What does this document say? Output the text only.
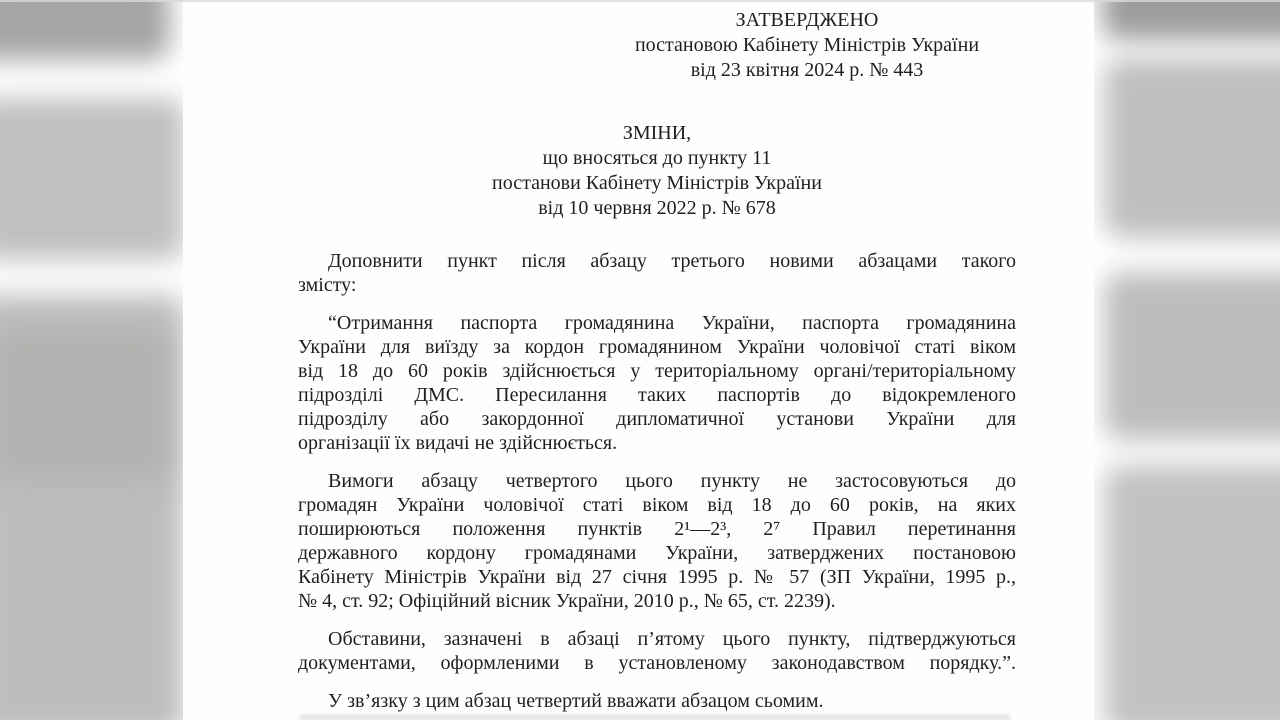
ЗАТВЕРДЖЕНО
постановою Кабінету Міністрів України
від 23 квітня 2024 р. № 443
ЗМІНИ,
що вносяться до пункту 11
постанови Кабінету Міністрів України
від 10 червня 2022 р. № 678

Доповнити пункт після абзацу третього новими абзацами такого
змісту:

“Отримання паспорта громадянина України, паспорта громадянина
України для виїзду за кордон громадянином України чоловічої статі віком
від 18 до 60 років здійснюється у територіальному органі/територіальному
підрозділі ДМС. Пересилання таких паспортів до відокремленого
підрозділу або закордонної дипломатичної установи України для
організації їх видачі не здійснюється.

Вимоги абзацу четвертого цього пункту не застосовуються до
громадян України чоловічої статі віком від 18 до 60 років, на яких
поширюються положення пунктів 2¹—2³, 2⁷ Правил перетинання
державного кордону громадянами України, затверджених постановою
Кабінету Міністрів України від 27 січня 1995 р. № 57 (ЗП України, 1995 р.,
№ 4, ст. 92; Офіційний вісник України, 2010 р., № 65, ст. 2239).

Обставини, зазначені в абзаці п’ятому цього пункту, підтверджуються
документами, оформленими в установленому законодавством порядку.”.

У зв’язку з цим абзац четвертий вважати абзацом сьомим.
